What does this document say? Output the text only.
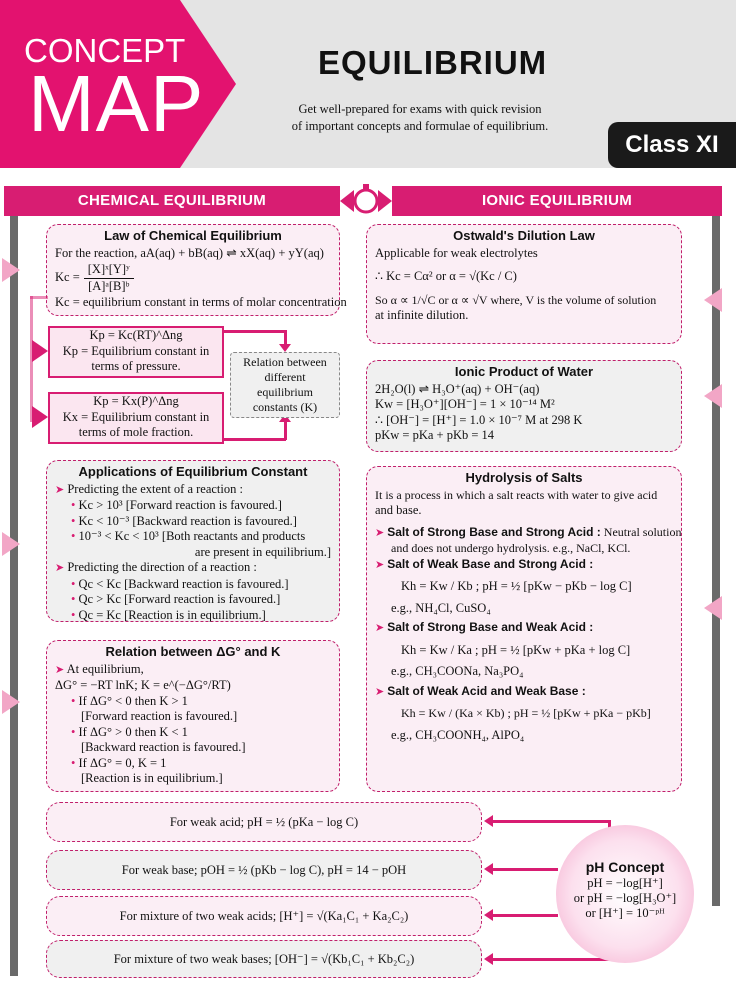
CONCEPT
MAP	EQUILIBRIUM
Get well-prepared for exams with quick revision
of important concepts and formulae of equilibrium.
Class XI
CHEMICAL EQUILIBRIUM	IONIC EQUILIBRIUM
Law of Chemical Equilibrium
For the reaction, aA(aq) + bB(aq) ⇌ xX(aq) + yY(aq)
$Kc = \frac{\text{[X]ˣ[Y]ʸ}}{\text{[A]ᵃ[B]ᵇ}}$
Kc = equilibrium constant in terms of molar concentration
Kp = Kc(RT)^Δng
Kp = Equilibrium constant in
terms of pressure.
Kp = Kx(P)^Δng
Kx = Equilibrium constant in
terms of mole fraction.
Relation between
different
equilibrium
constants (K)
Applications of Equilibrium Constant
➤ Predicting the extent of a reaction :
• Kc > 10³ [Forward reaction is favoured.]
• Kc < 10⁻³ [Backward reaction is favoured.]
• 10⁻³ < Kc < 10³ [Both reactants and products
are present in equilibrium.]
➤ Predicting the direction of a reaction :
• Qc < Kc [Backward reaction is favoured.]
• Qc > Kc [Forward reaction is favoured.]
• Qc = Kc [Reaction is in equilibrium.]
Relation between ΔG° and K
➤ At equilibrium,
ΔG° = −RT lnK; K = e^(−ΔG°/RT)
• If ΔG° < 0 then K > 1
[Forward reaction is favoured.]
• If ΔG° > 0 then K < 1
[Backward reaction is favoured.]
• If ΔG° = 0, K = 1
[Reaction is in equilibrium.]
Ostwald's Dilution Law
Applicable for weak electrolytes
∴ Kc = Cα² or α = √(Kc / C)
So α ∝ 1/√C or α ∝ √V where, V is the volume of solution
at infinite dilution.
Ionic Product of Water
2H₂O(l) ⇌ H₃O⁺(aq) + OH⁻(aq)
Kw = [H₃O⁺][OH⁻] = 1 × 10⁻¹⁴ M²
∴ [OH⁻] = [H⁺] = 1.0 × 10⁻⁷ M at 298 K
pKw = pKa + pKb = 14
Hydrolysis of Salts
It is a process in which a salt reacts with water to give acid
and base.
➤ Salt of Strong Base and Strong Acid : Neutral solution
and does not undergo hydrolysis. e.g., NaCl, KCl.
➤ Salt of Weak Base and Strong Acid :
Kh = Kw / Kb ; pH = ½ [pKw − pKb − log C]
e.g., NH₄Cl, CuSO₄
➤ Salt of Strong Base and Weak Acid :
Kh = Kw / Ka ; pH = ½ [pKw + pKa + log C]
e.g., CH₃COONa, Na₃PO₄
➤ Salt of Weak Acid and Weak Base :
Kh = Kw / (Ka × Kb) ; pH = ½ [pKw + pKa − pKb]
e.g., CH₃COONH₄, AlPO₄
For weak acid; pH = ½ (pKa − log C)
For weak base; pOH = ½ (pKb − log C), pH = 14 − pOH
For mixture of two weak acids; [H⁺] = √(Ka₁C₁ + Ka₂C₂)
For mixture of two weak bases; [OH⁻] = √(Kb₁C₁ + Kb₂C₂)
pH Concept
pH = −log[H⁺]
or pH = −log[H₃O⁺]
or [H⁺] = 10⁻ᵖᴴ
